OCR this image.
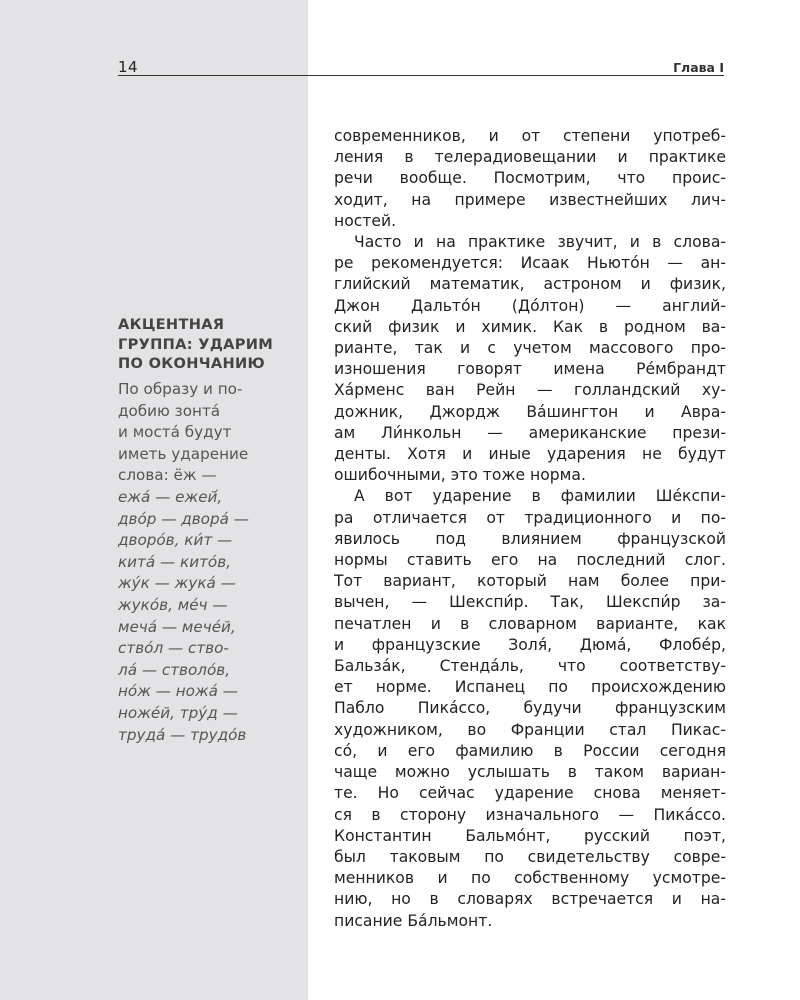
14	Глава I
АКЦЕНТНАЯ
ГРУППА: УДАРИМ
ПО ОКОНЧАНИЮ
По образу и по-
добию зонта́
и моста́ будут
иметь ударение
слова: ёж —
ежа́ — ежей́,
дво́р — двора́ —
дворо́в, ки́т —
кита́ — кито́в,
жу́к — жука́ —
жуко́в, ме́ч —
меча́ — мече́й,
ство́л — ство-
ла́ — стволо́в,
но́ж — ножа́ —
ноже́й, тру́д —
труда́ — трудо́в
современников, и от степени употреб-
ления в телерадиовещании и практике
речи вообще. Посмотрим, что проис-
ходит, на примере известнейших лич-
ностей.
Часто и на практике звучит, и в слова-
ре рекомендуется: Исаак Ньюто́н — ан-
глийский математик, астроном и физик,
Джон Дальто́н (До́лтон) — англий-
ский физик и химик. Как в родном ва-
рианте, так и с учетом массового про-
изношения говорят имена Ре́мбрандт
Ха́рменс ван Рейн — голландский ху-
дожник, Джордж Ва́шингтон и Авра-
ам Ли́нкольн — американские прези-
денты. Хотя и иные ударения не будут
ошибочными, это тоже норма.
А вот ударение в фамилии Ше́кспи-
ра отличается от традиционного и по-
явилось под влиянием французской
нормы ставить его на последний слог.
Тот вариант, который нам более при-
вычен, — Шекспи́р. Так, Шекспи́р за-
печатлен и в словарном варианте, как
и французские Золя́, Дюма́, Флобе́р,
Бальза́к, Стенда́ль, что соответству-
ет норме. Испанец по происхождению
Пабло Пика́ссо, будучи французским
художником, во Франции стал Пикас-
со́, и его фамилию в России сегодня
чаще можно услышать в таком вариан-
те. Но сейчас ударение снова меняет-
ся в сторону изначального — Пика́ссо.
Константин Бальмо́нт, русский поэт,
был таковым по свидетельству совре-
менников и по собственному усмотре-
нию, но в словарях встречается и на-
писание Ба́льмонт.
